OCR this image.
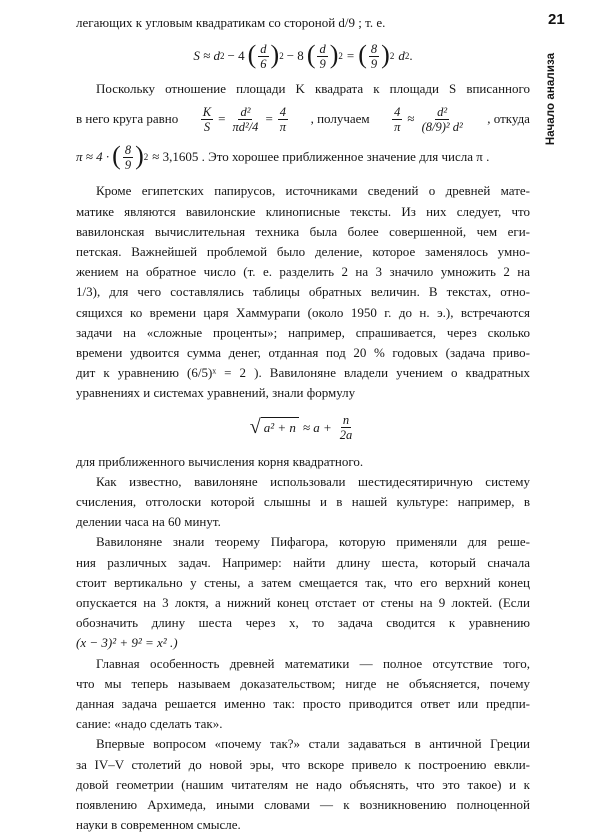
21
Начало анализа
легающих к угловым квадратикам со стороной d/9 ; т. е.
S ≈ d 2 − 4 ( $\frac{d}{6}$ ) 2 − 8 ( $\frac{d}{9}$ ) 2 = ( $\frac{8}{9}$ ) 2 d 2 .
Поскольку отношение площади K квадрата к площади S вписанного
в него круга равно $\frac{K}{S} = \frac{\text{d²}}{\text{πd²/4}} = \frac{4}{\pi}$ , получаем $\frac{4}{\pi} \approx \frac{\text{d²}}{\text{(8/9)² d²}}$ , откуда
π ≈ 4 · ( $\frac{8}{9}$ ) 2 ≈ 3,1605 . Это хорошее приближенное значение для числа π .
Кроме египетских папирусов, источниками сведений о древней мате-
матике являются вавилонские клинописные тексты. Из них следует, что
вавилонская вычислительная техника была более совершенной, чем еги-
петская. Важнейшей проблемой было деление, которое заменялось умно-
жением на обратное число (т. е. разделить 2 на 3 значило умножить 2 на
1/3), для чего составлялись таблицы обратных величин. В текстах, отно-
сящихся ко времени царя Хаммурапи (около 1950 г. до н. э.), встречаются
задачи на «сложные проценты»; например, спрашивается, через сколько
времени удвоится сумма денег, отданная под 20 % годовых (задача приво-
дит к уравнению (6/5)ˣ = 2 ). Вавилоняне владели учением о квадратных
уравнениях и системах уравнений, знали формулу
√ $a^2 + n \approx a + \frac{n}{2a}$
для приближенного вычисления корня квадратного.
Как известно, вавилоняне использовали шестидесятиричную систему
счисления, отголоски которой слышны и в нашей культуре: например, в
делении часа на 60 минут.
Вавилоняне знали теорему Пифагора, которую применяли для реше-
ния различных задач. Например: найти длину шеста, который сначала
стоит вертикально у стены, а затем смещается так, что его верхний конец
опускается на 3 локтя, а нижний конец отстает от стены на 9 локтей. (Если
обозначить длину шеста через x, то задача сводится к уравнению
(x − 3)² + 9² = x² .)
Главная особенность древней математики — полное отсутствие того,
что мы теперь называем доказательством; нигде не объясняется, почему
данная задача решается именно так: просто приводится ответ или предпи-
сание: «надо сделать так».
Впервые вопросом «почему так?» стали задаваться в античной Греции
за IV–V столетий до новой эры, что вскоре привело к построению евкли-
довой геометрии (нашим читателям не надо объяснять, что это такое) и к
появлению Архимеда, иными словами — к возникновению полноценной
науки в современном смысле.
